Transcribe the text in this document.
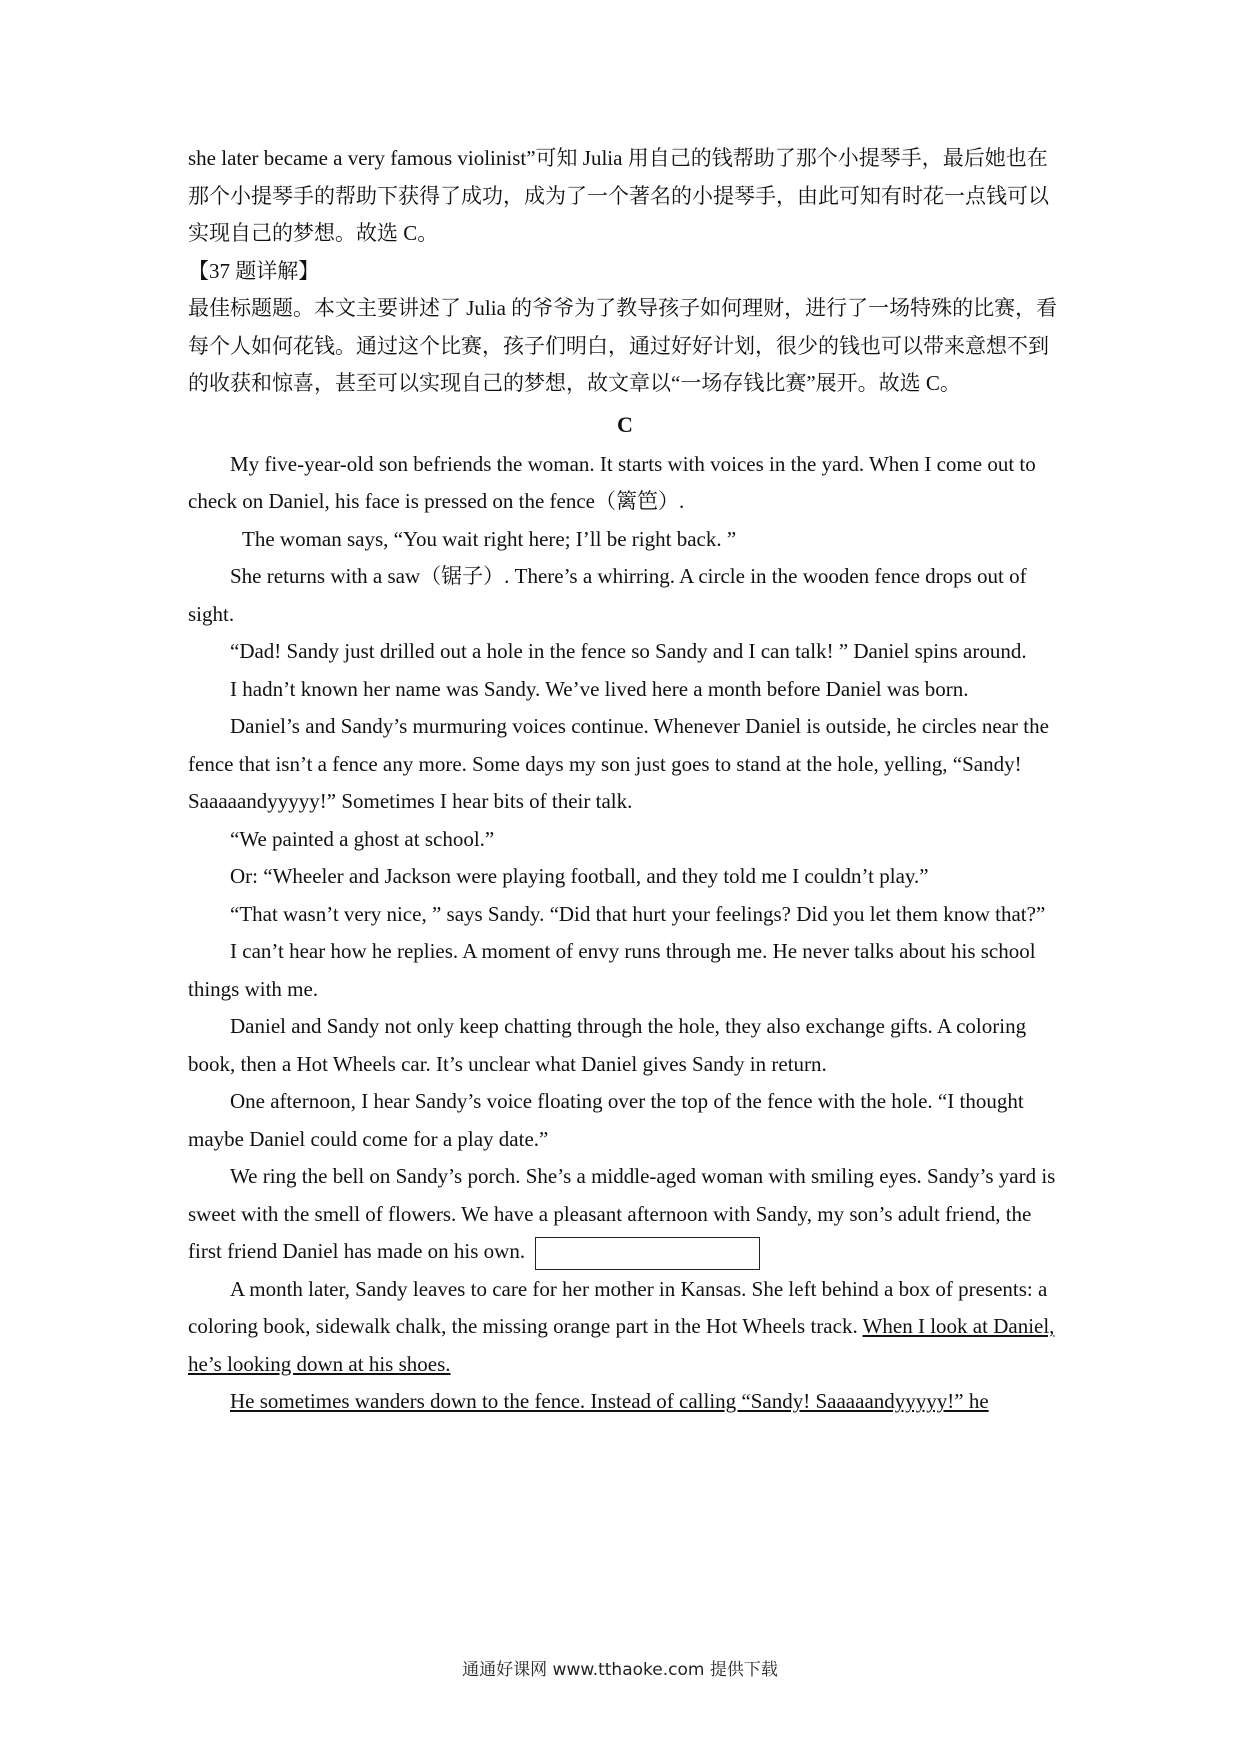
she later became a very famous violinist”可知 Julia 用自己的钱帮助了那个小提琴手，最后她也在那个小提琴手的帮助下获得了成功，成为了一个著名的小提琴手，由此可知有时花一点钱可以实现自己的梦想。故选 C。

【37 题详解】

最佳标题题。本文主要讲述了 Julia 的爷爷为了教导孩子如何理财，进行了一场特殊的比赛，看每个人如何花钱。通过这个比赛，孩子们明白，通过好好计划，很少的钱也可以带来意想不到的收获和惊喜，甚至可以实现自己的梦想，故文章以“一场存钱比赛”展开。故选 C。

C

My five-year-old son befriends the woman. It starts with voices in the yard. When I come out to check on Daniel, his face is pressed on the fence（篱笆）.

The woman says, “You wait right here; I’ll be right back. ”

She returns with a saw（锯子）. There’s a whirring. A circle in the wooden fence drops out of sight.

“Dad! Sandy just drilled out a hole in the fence so Sandy and I can talk! ” Daniel spins around.

I hadn’t known her name was Sandy. We’ve lived here a month before Daniel was born.

Daniel’s and Sandy’s murmuring voices continue. Whenever Daniel is outside, he circles near the fence that isn’t a fence any more. Some days my son just goes to stand at the hole, yelling, “Sandy! Saaaaandyyyyy!” Sometimes I hear bits of their talk.

“We painted a ghost at school.”

Or: “Wheeler and Jackson were playing football, and they told me I couldn’t play.”

“That wasn’t very nice, ” says Sandy. “Did that hurt your feelings? Did you let them know that?”

I can’t hear how he replies. A moment of envy runs through me. He never talks about his school things with me.

Daniel and Sandy not only keep chatting through the hole, they also exchange gifts. A coloring book, then a Hot Wheels car. It’s unclear what Daniel gives Sandy in return.

One afternoon, I hear Sandy’s voice floating over the top of the fence with the hole. “I thought maybe Daniel could come for a play date.”

We ring the bell on Sandy’s porch. She’s a middle-aged woman with smiling eyes. Sandy’s yard is sweet with the smell of flowers. We have a pleasant afternoon with Sandy, my son’s adult friend, the first friend Daniel has made on his own.

A month later, Sandy leaves to care for her mother in Kansas. She left behind a box of presents: a coloring book, sidewalk chalk, the missing orange part in the Hot Wheels track. When I look at Daniel, he’s looking down at his shoes.

He sometimes wanders down to the fence. Instead of calling “Sandy! Saaaaandyyyyy!” he

通通好课网 www.tthaoke.com 提供下载
